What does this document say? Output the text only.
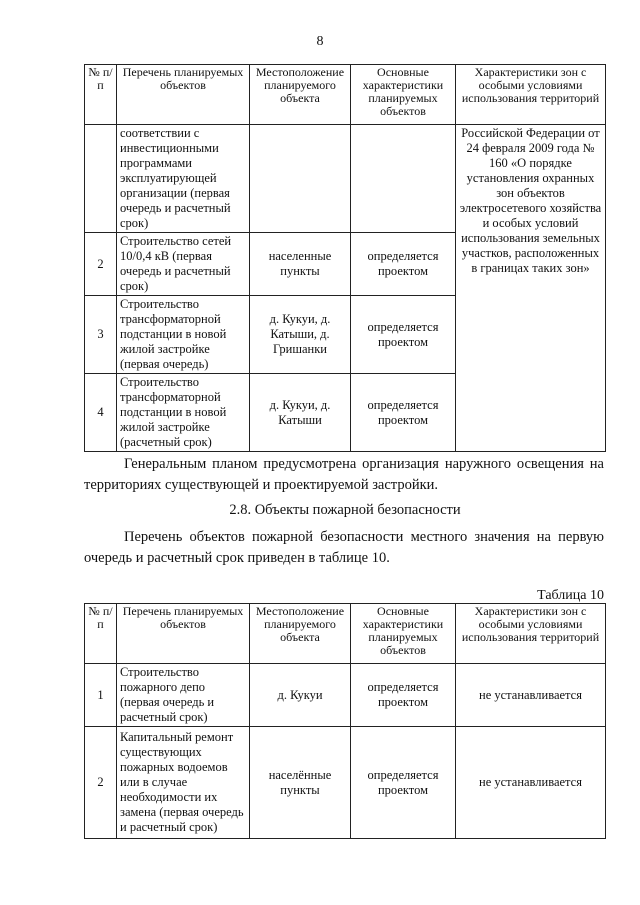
8
№ п/п	Перечень планируемых объектов	Местоположение планируемого объекта	Основные характеристики планируемых объектов	Характеристики зон с особыми условиями использования территорий
	соответствии с инвестиционными программами эксплуатирующей организации (первая очередь и расчетный срок)			Российской Федерации от 24 февраля 2009 года № 160 «О порядке установления охранных зон объектов электросетевого хозяйства и особых условий использования земельных участков, расположенных в границах таких зон»
2	Строительство сетей 10/0,4 кВ (первая очередь и расчетный срок)	населенные пункты	определяется проектом	
3	Строительство трансформаторной подстанции в новой жилой застройке (первая очередь)	д. Кукуи, д. Катыши, д. Гришанки	определяется проектом	
4	Строительство трансформаторной подстанции в новой жилой застройке (расчетный срок)	д. Кукуи, д. Катыши	определяется проектом	
Генеральным планом предусмотрена организация наружного освещения на территориях существующей и проектируемой застройки.
2.8. Объекты пожарной безопасности
Перечень объектов пожарной безопасности местного значения на первую очередь и расчетный срок приведен в таблице 10.
Таблица 10
№ п/п	Перечень планируемых объектов	Местоположение планируемого объекта	Основные характеристики планируемых объектов	Характеристики зон с особыми условиями использования территорий
1	Строительство пожарного депо (первая очередь и расчетный срок)	д. Кукуи	определяется проектом	не устанавливается
2	Капитальный ремонт существующих пожарных водоемов или в случае необходимости их замена (первая очередь и расчетный срок)	населённые пункты	определяется проектом	не устанавливается
